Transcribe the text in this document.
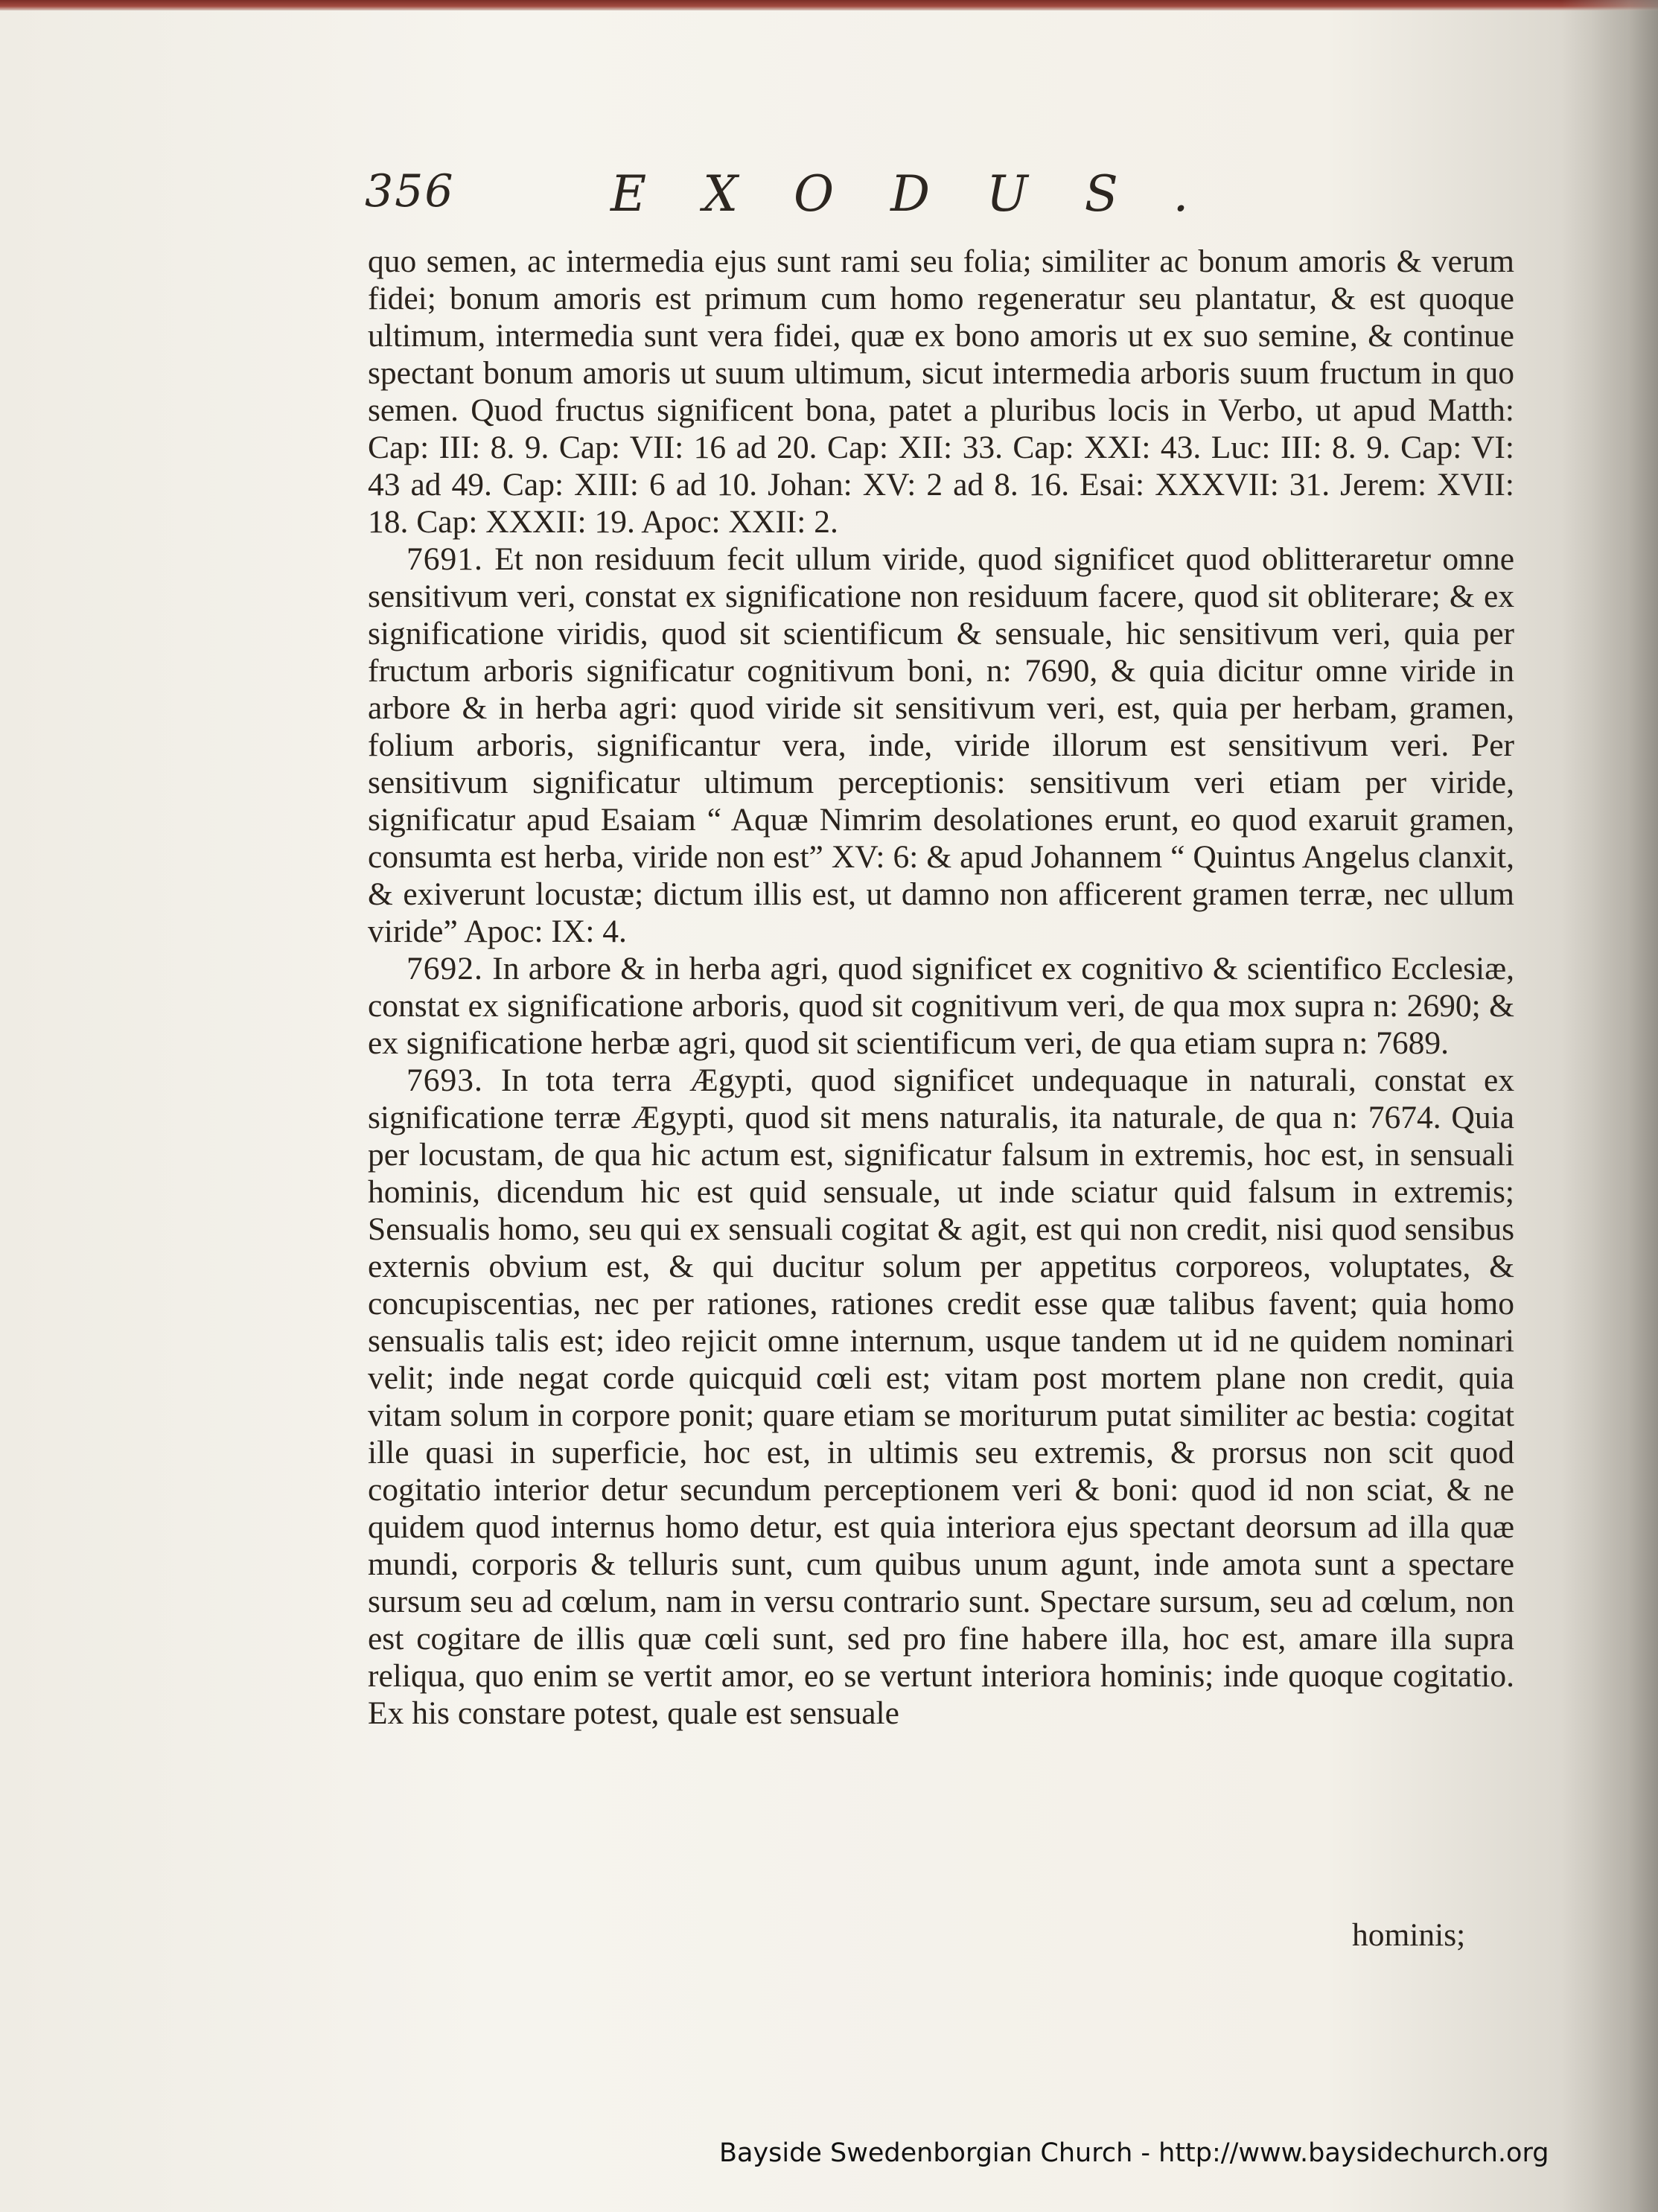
356	EXODUS.

quo semen, ac intermedia ejus sunt rami seu folia; similiter ac bonum amoris & verum fidei; bonum amoris est primum cum homo regeneratur seu plantatur, & est quoque ultimum, intermedia sunt vera fidei, quæ ex bono amoris ut ex suo semine, & continue spectant bonum amoris ut suum ultimum, sicut intermedia arboris suum fructum in quo semen. Quod fructus significent bona, patet a pluribus locis in Verbo, ut apud Matth: Cap: III: 8. 9. Cap: VII: 16 ad 20. Cap: XII: 33. Cap: XXI: 43. Luc: III: 8. 9. Cap: VI: 43 ad 49. Cap: XIII: 6 ad 10. Johan: XV: 2 ad 8. 16. Esai: XXXVII: 31. Jerem: XVII: 18. Cap: XXXII: 19. Apoc: XXII: 2.

7691. Et non residuum fecit ullum viride, quod significet quod oblitteraretur omne sensitivum veri, constat ex significatione non residuum facere, quod sit obliterare; & ex significatione viridis, quod sit scientificum & sensuale, hic sensitivum veri, quia per fructum arboris significatur cognitivum boni, n: 7690, & quia dicitur omne viride in arbore & in herba agri: quod viride sit sensitivum veri, est, quia per herbam, gramen, folium arboris, significantur vera, inde, viride illorum est sensitivum veri. Per sensitivum significatur ultimum perceptionis: sensitivum veri etiam per viride, significatur apud Esaiam “ Aquæ Nimrim desolationes erunt, eo quod exaruit gramen, consumta est herba, viride non est” XV: 6: & apud Johannem “ Quintus Angelus clanxit, & exiverunt locustæ; dictum illis est, ut damno non afficerent gramen terræ, nec ullum viride” Apoc: IX: 4.

7692. In arbore & in herba agri, quod significet ex cognitivo & scientifico Ecclesiæ, constat ex significatione arboris, quod sit cognitivum veri, de qua mox supra n: 2690; & ex significatione herbæ agri, quod sit scientificum veri, de qua etiam supra n: 7689.

7693. In tota terra Ægypti, quod significet undequaque in naturali, constat ex significatione terræ Ægypti, quod sit mens naturalis, ita naturale, de qua n: 7674. Quia per locustam, de qua hic actum est, significatur falsum in extremis, hoc est, in sensuali hominis, dicendum hic est quid sensuale, ut inde sciatur quid falsum in extremis; Sensualis homo, seu qui ex sensuali cogitat & agit, est qui non credit, nisi quod sensibus externis obvium est, & qui ducitur solum per appetitus corporeos, voluptates, & concupiscentias, nec per rationes, rationes credit esse quæ talibus favent; quia homo sensualis talis est; ideo rejicit omne internum, usque tandem ut id ne quidem nominari velit; inde negat corde quicquid cœli est; vitam post mortem plane non credit, quia vitam solum in corpore ponit; quare etiam se moriturum putat similiter ac bestia: cogitat ille quasi in superficie, hoc est, in ultimis seu extremis, & prorsus non scit quod cogitatio interior detur secundum perceptionem veri & boni: quod id non sciat, & ne quidem quod internus homo detur, est quia interiora ejus spectant deorsum ad illa quæ mundi, corporis & telluris sunt, cum quibus unum agunt, inde amota sunt a spectare sursum seu ad cœlum, nam in versu contrario sunt. Spectare sursum, seu ad cœlum, non est cogitare de illis quæ cœli sunt, sed pro fine habere illa, hoc est, amare illa supra reliqua, quo enim se vertit amor, eo se vertunt interiora hominis; inde quoque cogitatio. Ex his constare potest, quale est sensuale

hominis;
Bayside Swedenborgian Church - http://www.baysidechurch.org
